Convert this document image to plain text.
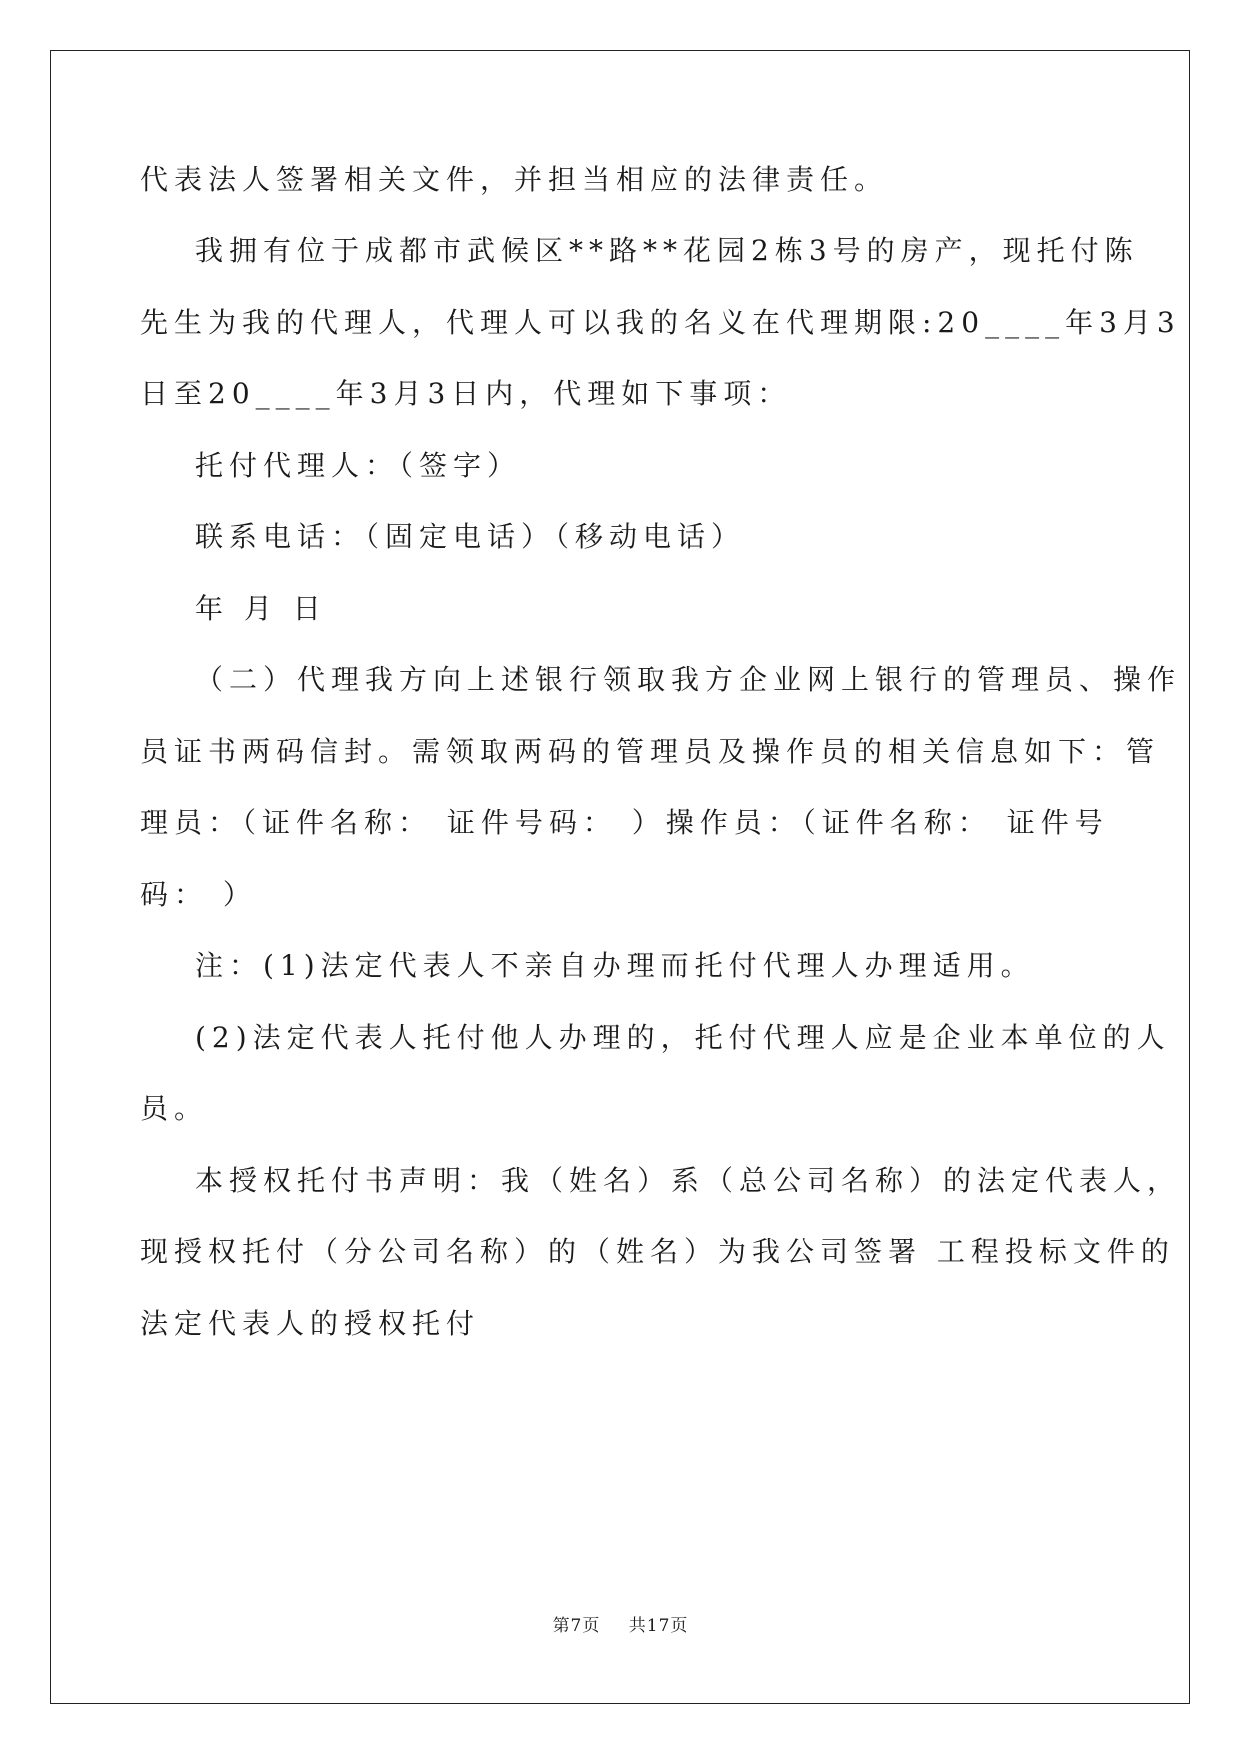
代表法人签署相关文件，并担当相应的法律责任。
我拥有位于成都市武候区**路**花园2栋3号的房产，现托付陈
先生为我的代理人，代理人可以我的名义在代理期限:20____年3月3
日至20____年3月3日内，代理如下事项：
托付代理人：（签字）
联系电话：（固定电话）（移动电话）
年 月 日
（二）代理我方向上述银行领取我方企业网上银行的管理员、操作
员证书两码信封。需领取两码的管理员及操作员的相关信息如下：管
理员：（证件名称： 证件号码： ）操作员：（证件名称： 证件号
码： ）
注：(1)法定代表人不亲自办理而托付代理人办理适用。
(2)法定代表人托付他人办理的，托付代理人应是企业本单位的人
员。
本授权托付书声明：我（姓名）系（总公司名称）的法定代表人，
现授权托付（分公司名称）的（姓名）为我公司签署 工程投标文件的
法定代表人的授权托付
第7页 共17页
